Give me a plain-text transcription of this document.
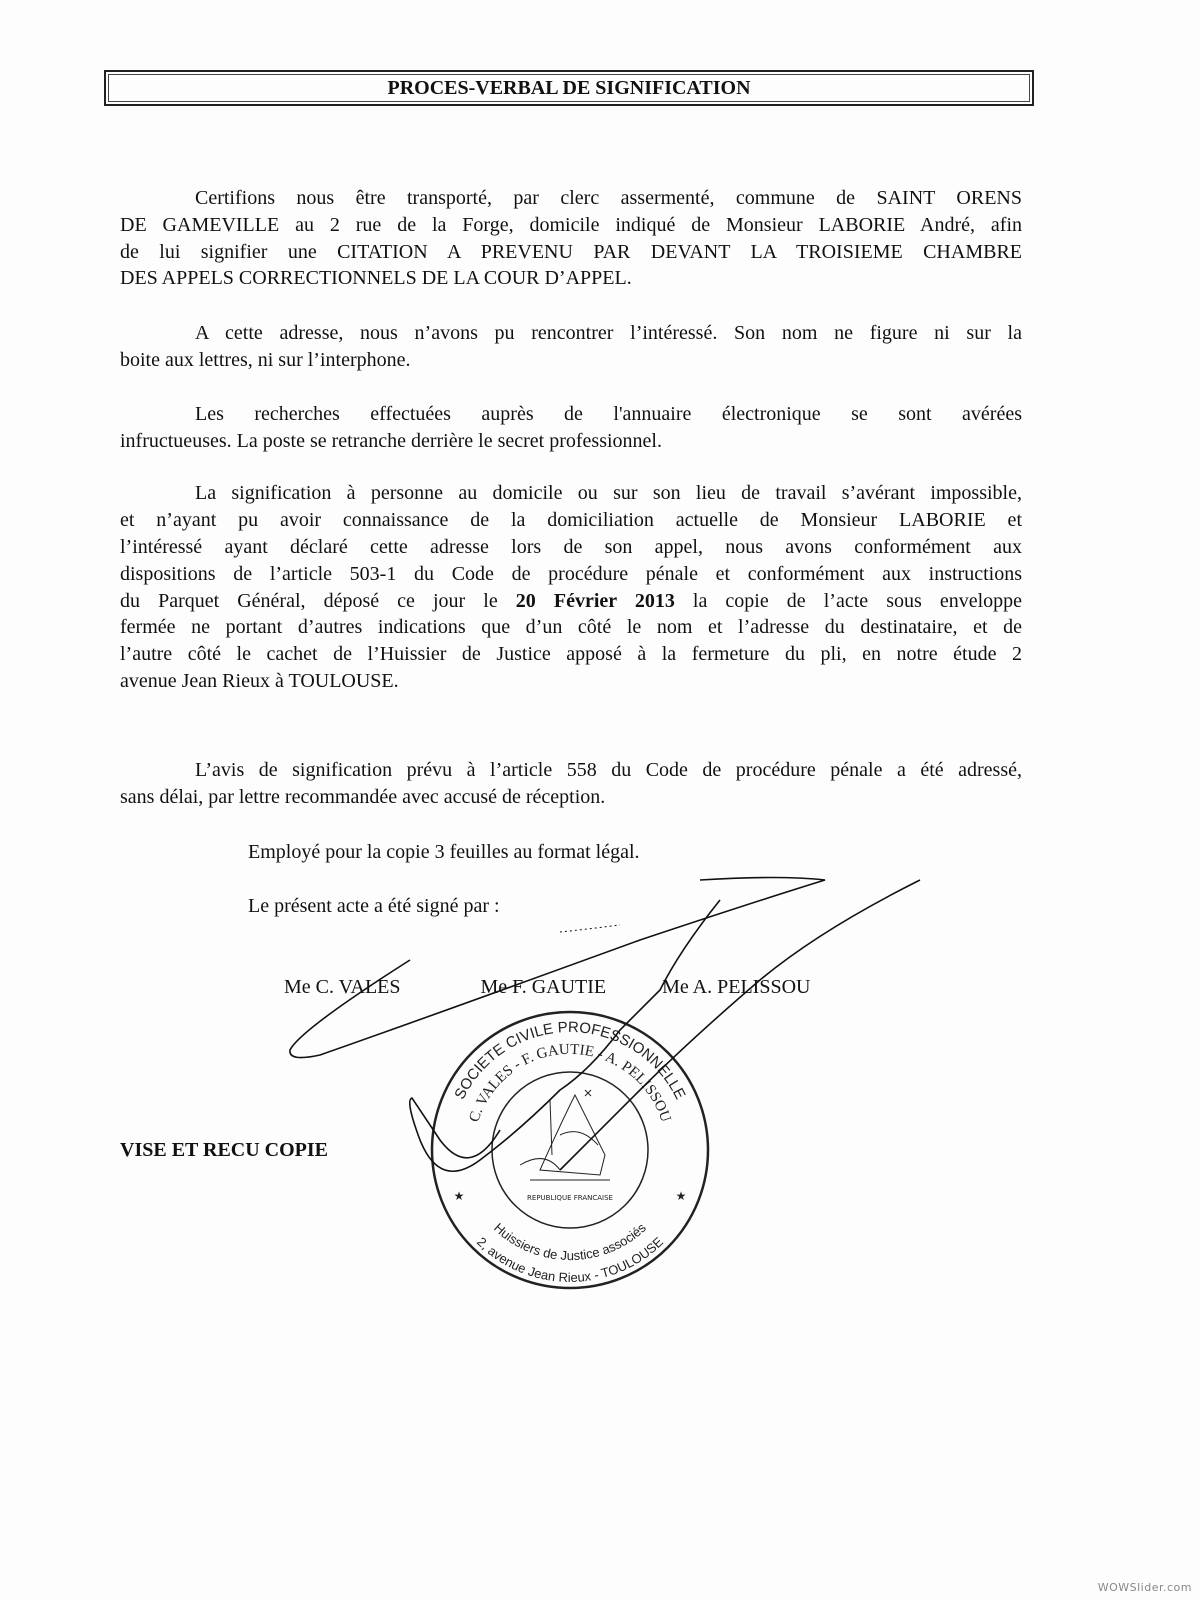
PROCES-VERBAL DE SIGNIFICATION
Certifions nous être transporté, par clerc assermenté, commune de SAINT ORENS
DE GAMEVILLE au 2 rue de la Forge, domicile indiqué de Monsieur LABORIE André, afin
de lui signifier une CITATION A PREVENU PAR DEVANT LA TROISIEME CHAMBRE
DES APPELS CORRECTIONNELS DE LA COUR D’APPEL.
A cette adresse, nous n’avons pu rencontrer l’intéressé. Son nom ne figure ni sur la
boite aux lettres, ni sur l’interphone.
Les recherches effectuées auprès de l'annuaire électronique se sont avérées
infructueuses. La poste se retranche derrière le secret professionnel.
La signification à personne au domicile ou sur son lieu de travail s’avérant impossible,
et n’ayant pu avoir connaissance de la domiciliation actuelle de Monsieur LABORIE et
l’intéressé ayant déclaré cette adresse lors de son appel, nous avons conformément aux
dispositions de l’article 503-1 du Code de procédure pénale et conformément aux instructions
du Parquet Général, déposé ce jour le 20 Février 2013 la copie de l’acte sous enveloppe
fermée ne portant d’autres indications que d’un côté le nom et l’adresse du destinataire, et de
l’autre côté le cachet de l’Huissier de Justice apposé à la fermeture du pli, en notre étude 2
avenue Jean Rieux à TOULOUSE.
L’avis de signification prévu à l’article 558 du Code de procédure pénale a été adressé,
sans délai, par lettre recommandée avec accusé de réception.
Employé pour la copie 3 feuilles au format légal.
Le présent acte a été signé par :
Me C. VALES	Me F. GAUTIE	Me A. PELISSOU
VISE ET RECU COPIE
REPUBLIQUE FRANCAISE
SOCIETE CIVILE PROFESSIONNELLE
C. VALES - F. GAUTIE - A. PELISSOU
Huissiers de Justice associés
2, avenue Jean Rieux - TOULOUSE
★
★
WOWSlider.com
